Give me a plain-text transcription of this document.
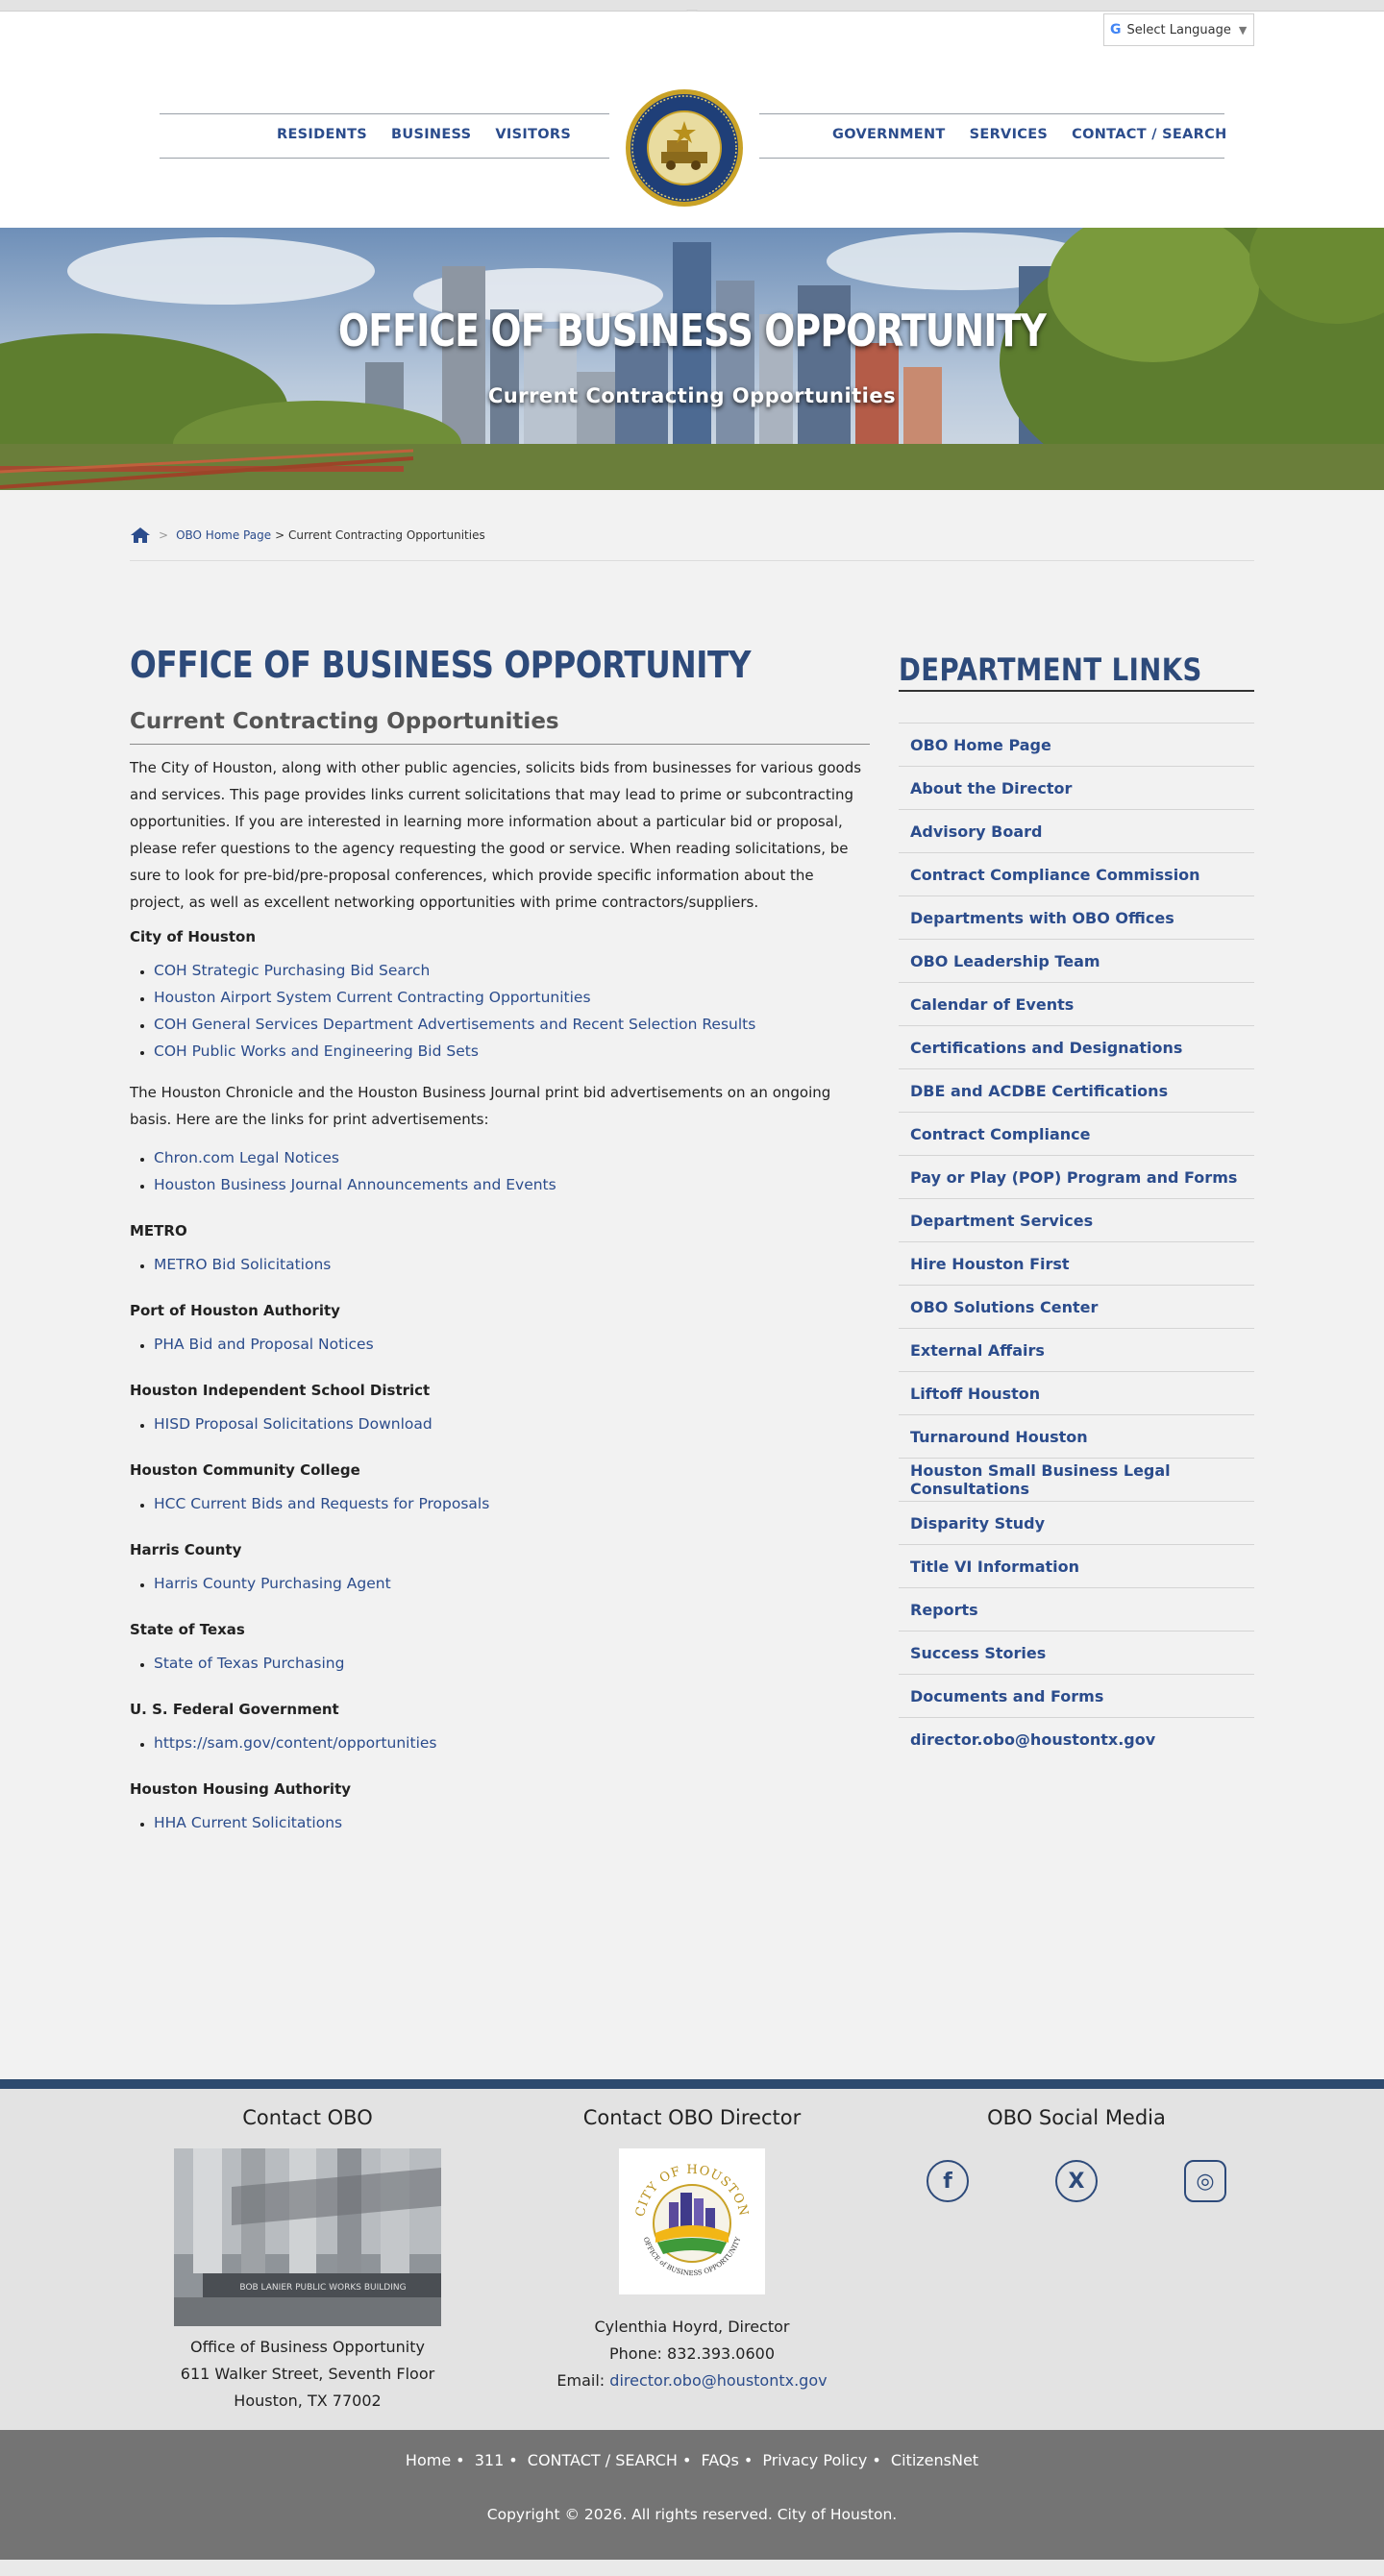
G Select Language ▼
RESIDENTS BUSINESS VISITORS	GOVERNMENT SERVICES CONTACT / SEARCH
OFFICE OF BUSINESS OPPORTUNITY
Current Contracting Opportunities
> OBO Home Page > Current Contracting Opportunities
OFFICE OF BUSINESS OPPORTUNITY
Current Contracting Opportunities

The City of Houston, along with other public agencies, solicits bids from businesses for various goods and services. This page provides links current solicitations that may lead to prime or subcontracting opportunities. If you are interested in learning more information about a particular bid or proposal, please refer questions to the agency requesting the good or service. When reading solicitations, be sure to look for pre-bid/pre-proposal conferences, which provide specific information about the project, as well as excellent networking opportunities with prime contractors/suppliers.

City of Houston
• COH Strategic Purchasing Bid Search
• Houston Airport System Current Contracting Opportunities
• COH General Services Department Advertisements and Recent Selection Results
• COH Public Works and Engineering Bid Sets

The Houston Chronicle and the Houston Business Journal print bid advertisements on an ongoing basis. Here are the links for print advertisements:

• Chron.com Legal Notices
• Houston Business Journal Announcements and Events
METRO
• METRO Bid Solicitations
Port of Houston Authority
• PHA Bid and Proposal Notices
Houston Independent School District
• HISD Proposal Solicitations Download
Houston Community College
• HCC Current Bids and Requests for Proposals
Harris County
• Harris County Purchasing Agent
State of Texas
• State of Texas Purchasing
U. S. Federal Government
• https://sam.gov/content/opportunities
Houston Housing Authority
• HHA Current Solicitations
DEPARTMENT LINKS
OBO Home Page
About the Director
Advisory Board
Contract Compliance Commission
Departments with OBO Offices
OBO Leadership Team
Calendar of Events
Certifications and Designations
DBE and ACDBE Certifications
Contract Compliance
Pay or Play (POP) Program and Forms
Department Services
Hire Houston First
OBO Solutions Center
External Affairs
Liftoff Houston
Turnaround Houston
Houston Small Business Legal Consultations
Disparity Study
Title VI Information
Reports
Success Stories
Documents and Forms
director.obo@houstontx.gov
Contact OBO
BOB LANIER PUBLIC WORKS BUILDING
Office of Business Opportunity
611 Walker Street, Seventh Floor
Houston, TX 77002
Contact OBO Director
CITY OF HOUSTON
OFFICE of BUSINESS OPPORTUNITY
Cylenthia Hoyrd, Director
Phone: 832.393.0600
Email: director.obo@houstontx.gov
OBO Social Media
f	X	◎
Home • 311 • CONTACT / SEARCH • FAQs • Privacy Policy • CitizensNet
Copyright © 2026. All rights reserved. City of Houston.
